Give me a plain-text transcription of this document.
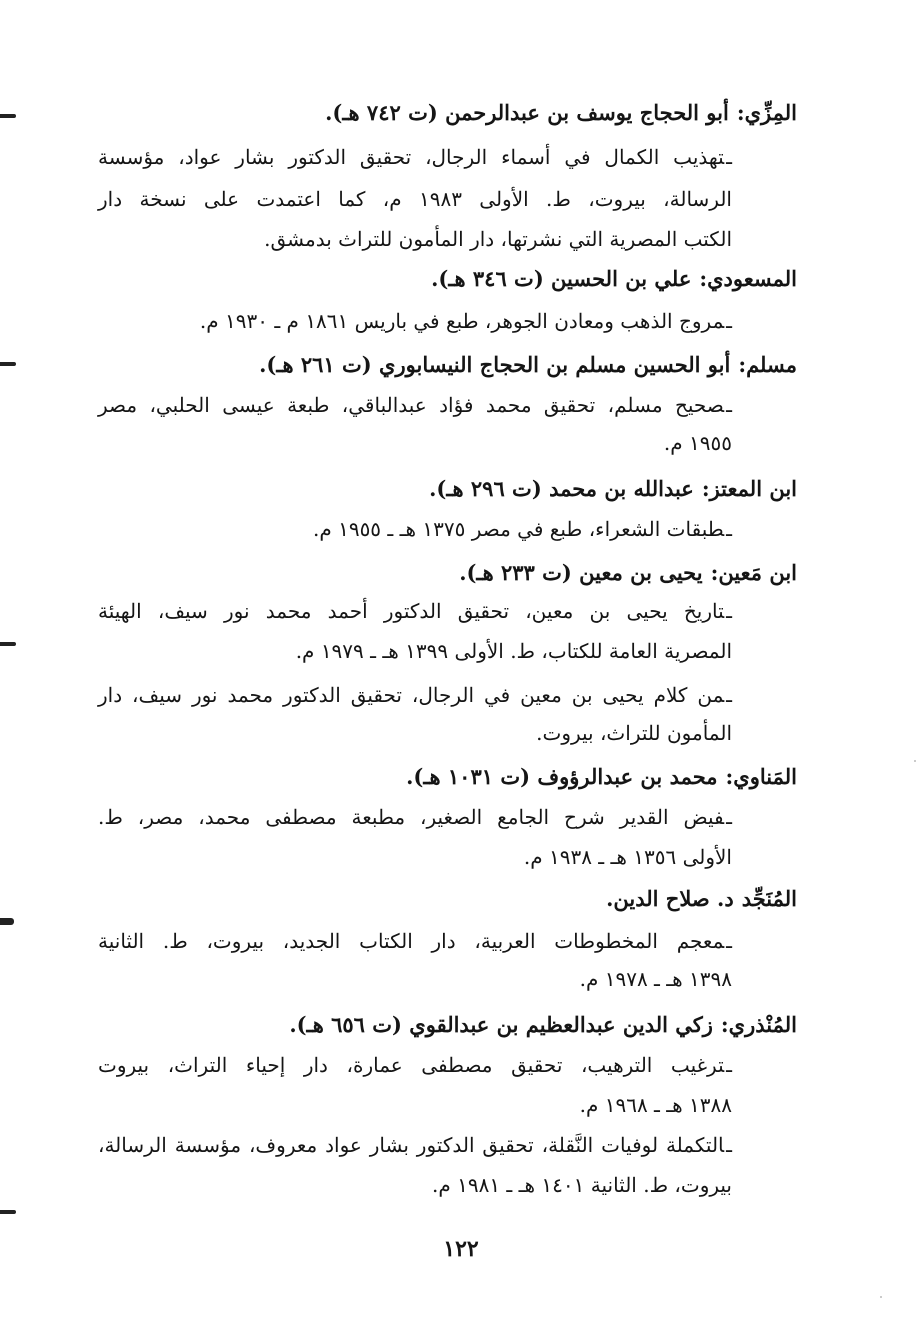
المِزِّي:أبو الحجاج يوسف بن عبدالرحمن (ت ٧٤٢ هـ).
ـتهذيب الكمال في أسماء الرجال، تحقيق الدكتور بشار عواد، مؤسسة
الرسالة، بيروت، ط. الأولى ١٩٨٣ م، كما اعتمدت على نسخة دار
الكتب المصرية التي نشرتها، دار المأمون للتراث بدمشق.
المسعودي:علي بن الحسين (ت ٣٤٦ هـ).
ـمروج الذهب ومعادن الجوهر، طبع في باريس ١٨٦١ م ـ ١٩٣٠ م.
مسلم:أبو الحسين مسلم بن الحجاج النيسابوري (ت ٢٦١ هـ).
ـصحيح مسلم، تحقيق محمد فؤاد عبدالباقي، طبعة عيسى الحلبي، مصر
١٩٥٥ م.
ابن المعتز:عبدالله بن محمد (ت ٢٩٦ هـ).
ـطبقات الشعراء، طبع في مصر ١٣٧٥ هـ ـ ١٩٥٥ م.
ابن مَعين:يحيى بن معين (ت ٢٣٣ هـ).
ـتاريخ يحيى بن معين، تحقيق الدكتور أحمد محمد نور سيف، الهيئة
المصرية العامة للكتاب، ط. الأولى ١٣٩٩ هـ ـ ١٩٧٩ م.
ـمن كلام يحيى بن معين في الرجال، تحقيق الدكتور محمد نور سيف، دار
المأمون للتراث، بيروت.
المَناوي:محمد بن عبدالرؤوف (ت ١٠٣١ هـ).
ـفيض القدير شرح الجامع الصغير، مطبعة مصطفى محمد، مصر، ط.
الأولى ١٣٥٦ هـ ـ ١٩٣٨ م.
المُنَجِّدد. صلاح الدين.
ـمعجم المخطوطات العربية، دار الكتاب الجديد، بيروت، ط. الثانية
١٣٩٨ هـ ـ ١٩٧٨ م.
المُنْذري:زكي الدين عبدالعظيم بن عبدالقوي (ت ٦٥٦ هـ).
ـترغيب الترهيب، تحقيق مصطفى عمارة، دار إحياء التراث، بيروت
١٣٨٨ هـ ـ ١٩٦٨ م.
ـالتكملة لوفيات النَّقلة، تحقيق الدكتور بشار عواد معروف، مؤسسة الرسالة،
بيروت، ط. الثانية ١٤٠١ هـ ـ ١٩٨١ م.
١٢٢
